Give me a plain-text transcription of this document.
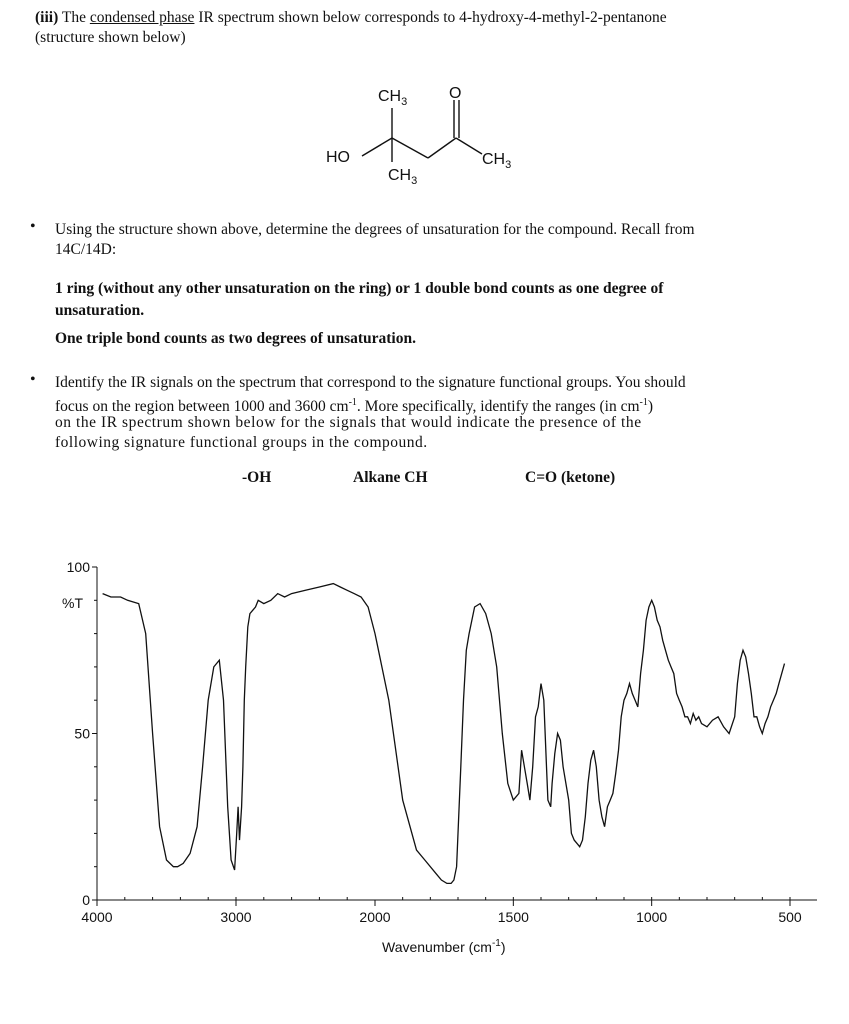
(iii) The condensed phase IR spectrum shown below corresponds to 4-hydroxy-4-methyl-2-pentanone
(structure shown below)
$CH_3$	O
HO	$CH_3$
$CH_3$
• Using the structure shown above, determine the degrees of unsaturation for the compound. Recall from
14C/14D:
1 ring (without any other unsaturation on the ring) or 1 double bond counts as one degree of
unsaturation.
One triple bond counts as two degrees of unsaturation.
• Identify the IR signals on the spectrum that correspond to the signature functional groups. You should
focus on the region between 1000 and 3600 $cm^{-1}$. More specifically, identify the ranges (in $cm^{-1}$)
on the IR spectrum shown below for the signals that would indicate the presence of the
following signature functional groups in the compound.
-OH	Alkane CH	C=O (ketone)
100
50
0
4000	3000	2000	1500	1000	500
%T
Wavenumber $(cm^{-1})$
